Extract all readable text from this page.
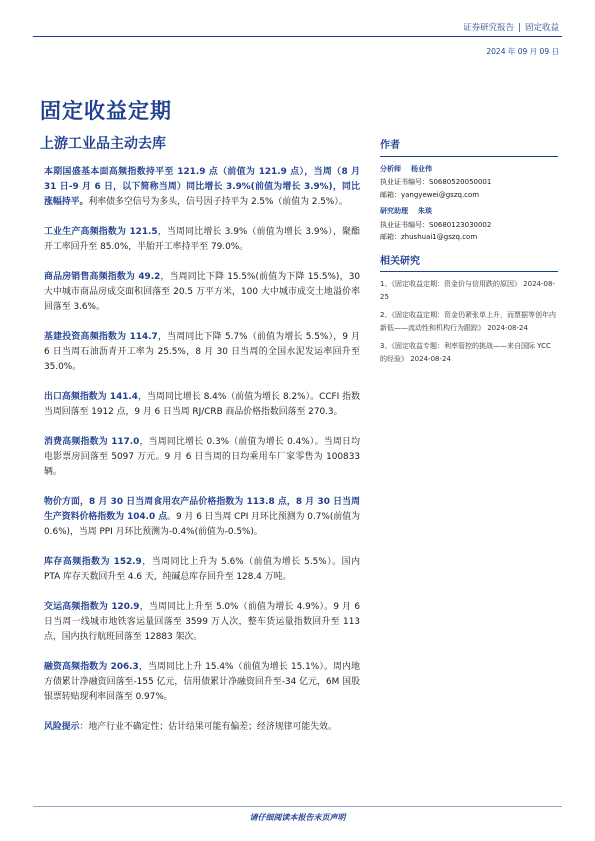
证券研究报告 | 固定收益
2024 年 09 月 09 日
固定收益定期
上游工业品主动去库

本期国盛基本面高频指数持平至 121.9 点（前值为 121.9 点），当周（8 月 31 日-9 月 6 日，以下简称当周）同比增长 3.9%(前值为增长 3.9%)，同比涨幅持平。利率债多空信号为多头，信号因子持平为 2.5%（前值为 2.5%）。

工业生产高频指数为 121.5，当周同比增长 3.9%（前值为增长 3.9%），聚酯开工率回升至 85.0%，半胎开工率持平至 79.0%。

商品房销售高频指数为 49.2，当周同比下降 15.5%(前值为下降 15.5%)，30 大中城市商品房成交面积回落至 20.5 万平方米，100 大中城市成交土地溢价率回落至 3.6%。

基建投资高频指数为 114.7，当周同比下降 5.7%（前值为增长 5.5%），9 月 6 日当周石油沥青开工率为 25.5%，8 月 30 日当周的全国水泥发运率回升至 35.0%。

出口高频指数为 141.4，当周同比增长 8.4%（前值为增长 8.2%）。CCFI 指数当周回落至 1912 点，9 月 6 日当周 RJ/CRB 商品价格指数回落至 270.3。

消费高频指数为 117.0，当周同比增长 0.3%（前值为增长 0.4%）。当周日均电影票房回落至 5097 万元。9 月 6 日当周的日均乘用车厂家零售为 100833 辆。

物价方面，8 月 30 日当周食用农产品价格指数为 113.8 点，8 月 30 日当周生产资料价格指数为 104.0 点。9 月 6 日当周 CPI 月环比预测为 0.7%(前值为 0.6%)，当周 PPI 月环比预测为-0.4%(前值为-0.5%)。

库存高频指数为 152.9，当周同比上升为 5.6%（前值为增长 5.5%）。国内 PTA 库存天数回升至 4.6 天，纯碱总库存回升至 128.4 万吨。

交运高频指数为 120.9，当周同比上升至 5.0%（前值为增长 4.9%）。9 月 6 日当周一线城市地铁客运量回落至 3599 万人次，整车货运量指数回升至 113 点，国内执行航班回落至 12883 架次。

融资高频指数为 206.3，当周同比上升 15.4%（前值为增长 15.1%）。周内地方债累计净融资回落至-155 亿元，信用债累计净融资回升至-34 亿元，6M 国股银票转贴现利率回落至 0.97%。

风险提示：地产行业不确定性；估计结果可能有偏差；经济规律可能失效。

作者
分析师 杨业伟
执业证书编号：S0680520050001
邮箱：yangyewei@gszq.com
研究助理 朱琰
执业证书编号：S0680123030002
邮箱：zhushuai1@gszq.com
相关研究
1、《固定收益定期：资金价与信用跌的原因》 2024-08-25
2、《固定收益定期：资金仍紧张单上升，而票据等创年内新低——流动性和机构行为跟踪》 2024-08-24
3、《固定收益专题：利率管控的挑战——来自国际 YCC 的经验》 2024-08-24
请仔细阅读本报告末页声明
